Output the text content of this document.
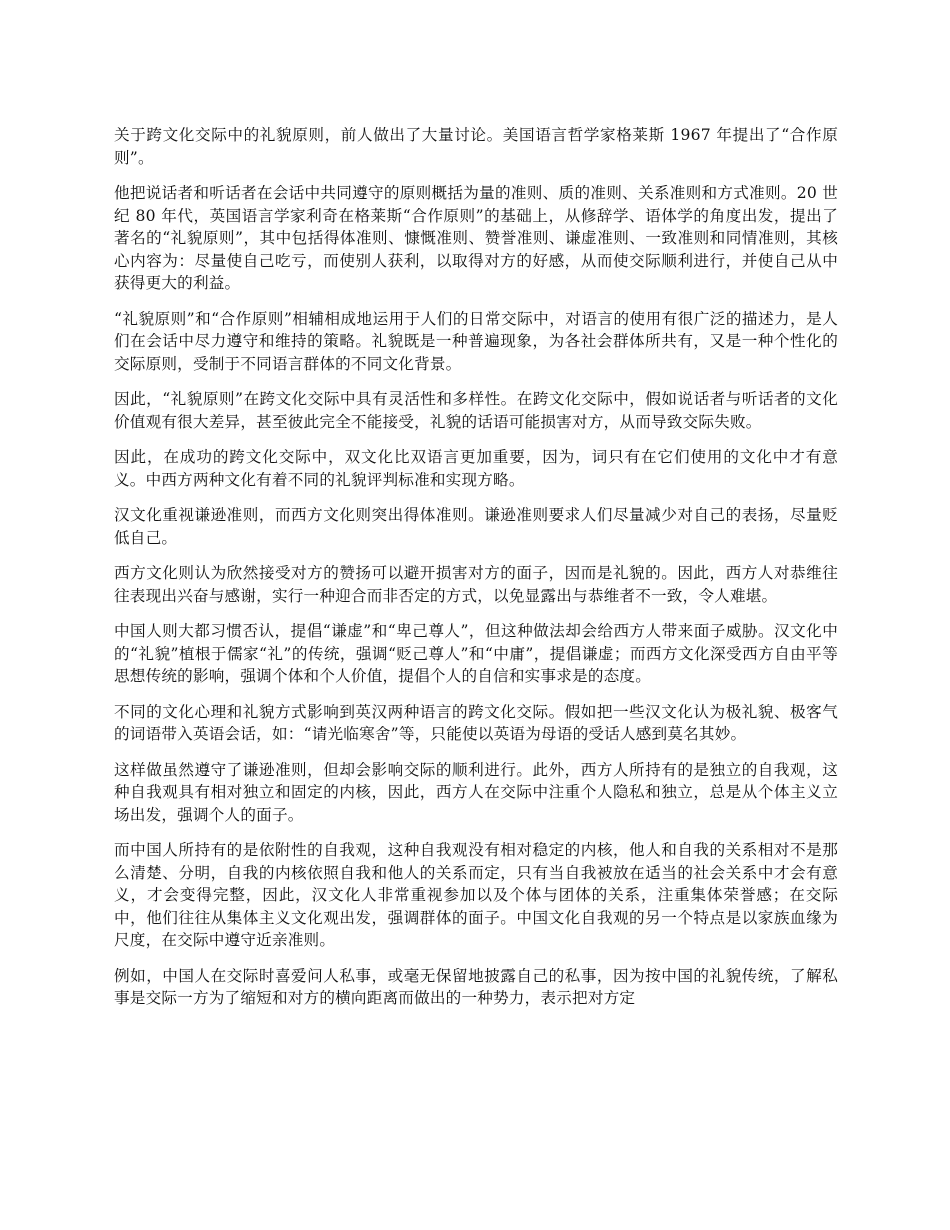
关于跨文化交际中的礼貌原则，前人做出了大量讨论。美国语言哲学家格莱斯 1967 年提出了“合作原则”。

他把说话者和听话者在会话中共同遵守的原则概括为量的准则、质的准则、关系准则和方式准则。20 世纪 80 年代，英国语言学家利奇在格莱斯“合作原则”的基础上，从修辞学、语体学的角度出发，提出了著名的“礼貌原则”，其中包括得体准则、慷慨准则、赞誉准则、谦虚准则、一致准则和同情准则，其核心内容为：尽量使自己吃亏，而使别人获利，以取得对方的好感，从而使交际顺利进行，并使自己从中获得更大的利益。

“礼貌原则”和“合作原则”相辅相成地运用于人们的日常交际中，对语言的使用有很广泛的描述力，是人们在会话中尽力遵守和维持的策略。礼貌既是一种普遍现象，为各社会群体所共有，又是一种个性化的交际原则，受制于不同语言群体的不同文化背景。

因此，“礼貌原则”在跨文化交际中具有灵活性和多样性。在跨文化交际中，假如说话者与听话者的文化价值观有很大差异，甚至彼此完全不能接受，礼貌的话语可能损害对方，从而导致交际失败。

因此，在成功的跨文化交际中，双文化比双语言更加重要，因为，词只有在它们使用的文化中才有意义。中西方两种文化有着不同的礼貌评判标准和实现方略。

汉文化重视谦逊准则，而西方文化则突出得体准则。谦逊准则要求人们尽量减少对自己的表扬，尽量贬低自己。

西方文化则认为欣然接受对方的赞扬可以避开损害对方的面子，因而是礼貌的。因此，西方人对恭维往往表现出兴奋与感谢，实行一种迎合而非否定的方式，以免显露出与恭维者不一致，令人难堪。

中国人则大都习惯否认，提倡“谦虚”和“卑己尊人”，但这种做法却会给西方人带来面子威胁。汉文化中的“礼貌”植根于儒家“礼”的传统，强调“贬己尊人”和“中庸”，提倡谦虚；而西方文化深受西方自由平等思想传统的影响，强调个体和个人价值，提倡个人的自信和实事求是的态度。

不同的文化心理和礼貌方式影响到英汉两种语言的跨文化交际。假如把一些汉文化认为极礼貌、极客气的词语带入英语会话，如：“请光临寒舍”等，只能使以英语为母语的受话人感到莫名其妙。

这样做虽然遵守了谦逊准则，但却会影响交际的顺利进行。此外，西方人所持有的是独立的自我观，这种自我观具有相对独立和固定的内核，因此，西方人在交际中注重个人隐私和独立，总是从个体主义立场出发，强调个人的面子。

而中国人所持有的是依附性的自我观，这种自我观没有相对稳定的内核，他人和自我的关系相对不是那么清楚、分明，自我的内核依照自我和他人的关系而定，只有当自我被放在适当的社会关系中才会有意义，才会变得完整，因此，汉文化人非常重视参加以及个体与团体的关系，注重集体荣誉感；在交际中，他们往往从集体主义文化观出发，强调群体的面子。中国文化自我观的另一个特点是以家族血缘为尺度，在交际中遵守近亲准则。

例如，中国人在交际时喜爱问人私事，或毫无保留地披露自己的私事，因为按中国的礼貌传统，了解私事是交际一方为了缩短和对方的横向距离而做出的一种势力，表示把对方定
